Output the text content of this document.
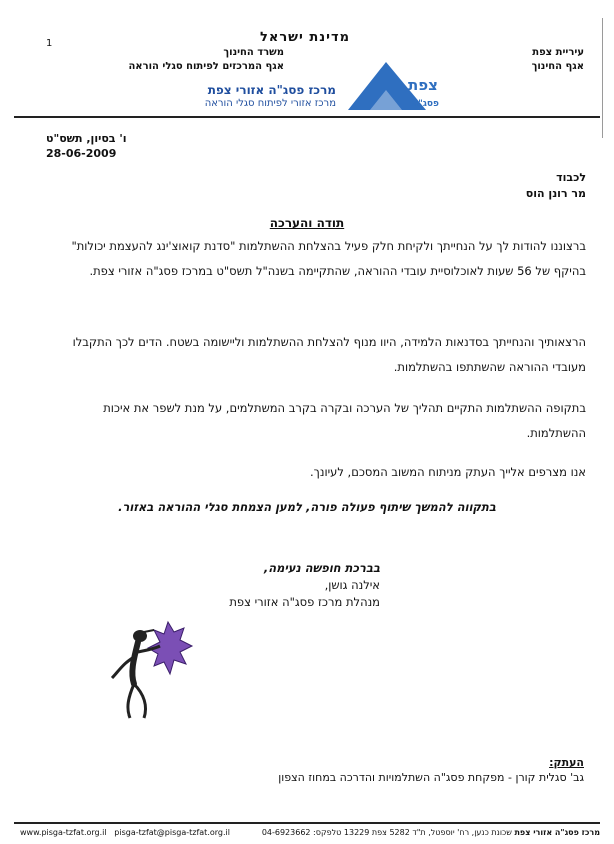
1	מדינת ישראל
משרד החינוך
אגף המרכזים לפיתוח סגלי הוראה
עיריית צפת
אגף החינוך
מרכז פסג"ה אזורי צפת
מרכז אזורי לפיתוח סגלי הוראה
צפת
פסג"ה
ו' בסיון, תשס"ט
28-06-2009
לכבוד
מר רונן הוס
תודה והערכה
ברצוננו להודות לך על הנחייתך ולקיחת חלק פעיל בהצלחת ההשתלמות "סדנת קואוצ'ינג להעצמת יכולות" בהיקף של 56 שעות לאוכלוסיית עובדי ההוראה, שהתקיימה בשנה"ל תשס"ט במרכז פסג"ה אזורי צפת.
הרצאותיך והנחייתך בסדנאות הלמידה, היוו מנוף להצלחת ההשתלמות וליישומה בשטח. הדים לכך התקבלו מעובדי ההוראה שהשתתפו בהשתלמות.
בתקופה ההשתלמות התקיים תהליך של הערכה ובקרה בקרב המשתלמים, על מנת לשפר את איכות ההשתלמות.
אנו מצרפים אלייך העתק מניתוח המשוב המסכם, לעיונך.
בתקווה להמשך שיתוף פעולה פורה, למען הצמחת סגלי ההוראה באזור.
בברכת חופשה נעימה,
אילנה גושן,
מנהלת מרכז פסג"ה אזורי צפת
העתק:
גב' סגלית קורן - מפקחת פסג"ה השתלמויות והדרכה במחוז הצפון
www.pisga-tzfat.org.il pisga-tzfat@pisga-tzfat.org.il	מרכז פסג"ה אזורי צפת שכונת כנען, רח' יוספטל, ת"ד 5282 צפת 13229 טלפקס: 04-6923662
